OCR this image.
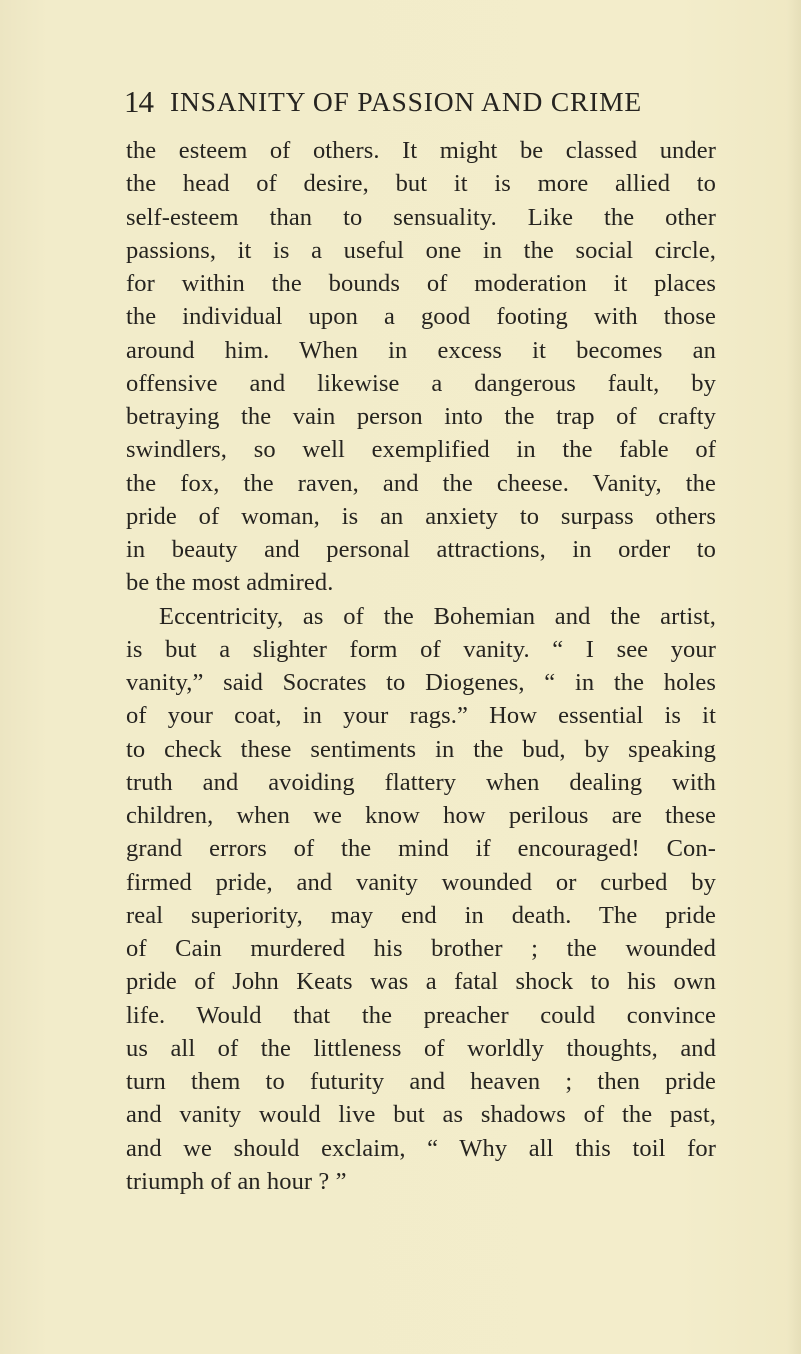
14 INSANITY OF PASSION AND CRIME
the esteem of others. It might be classed under
the head of desire, but it is more allied to
self-esteem than to sensuality. Like the other
passions, it is a useful one in the social circle,
for within the bounds of moderation it places
the individual upon a good footing with those
around him. When in excess it becomes an
offensive and likewise a dangerous fault, by
betraying the vain person into the trap of crafty
swindlers, so well exemplified in the fable of
the fox, the raven, and the cheese. Vanity, the
pride of woman, is an anxiety to surpass others
in beauty and personal attractions, in order to
be the most admired.
Eccentricity, as of the Bohemian and the artist,
is but a slighter form of vanity. “ I see your
vanity,” said Socrates to Diogenes, “ in the holes
of your coat, in your rags.” How essential is it
to check these sentiments in the bud, by speaking
truth and avoiding flattery when dealing with
children, when we know how perilous are these
grand errors of the mind if encouraged! Con-
firmed pride, and vanity wounded or curbed by
real superiority, may end in death. The pride
of Cain murdered his brother ; the wounded
pride of John Keats was a fatal shock to his own
life. Would that the preacher could convince
us all of the littleness of worldly thoughts, and
turn them to futurity and heaven ; then pride
and vanity would live but as shadows of the past,
and we should exclaim, “ Why all this toil for
triumph of an hour ? ”
